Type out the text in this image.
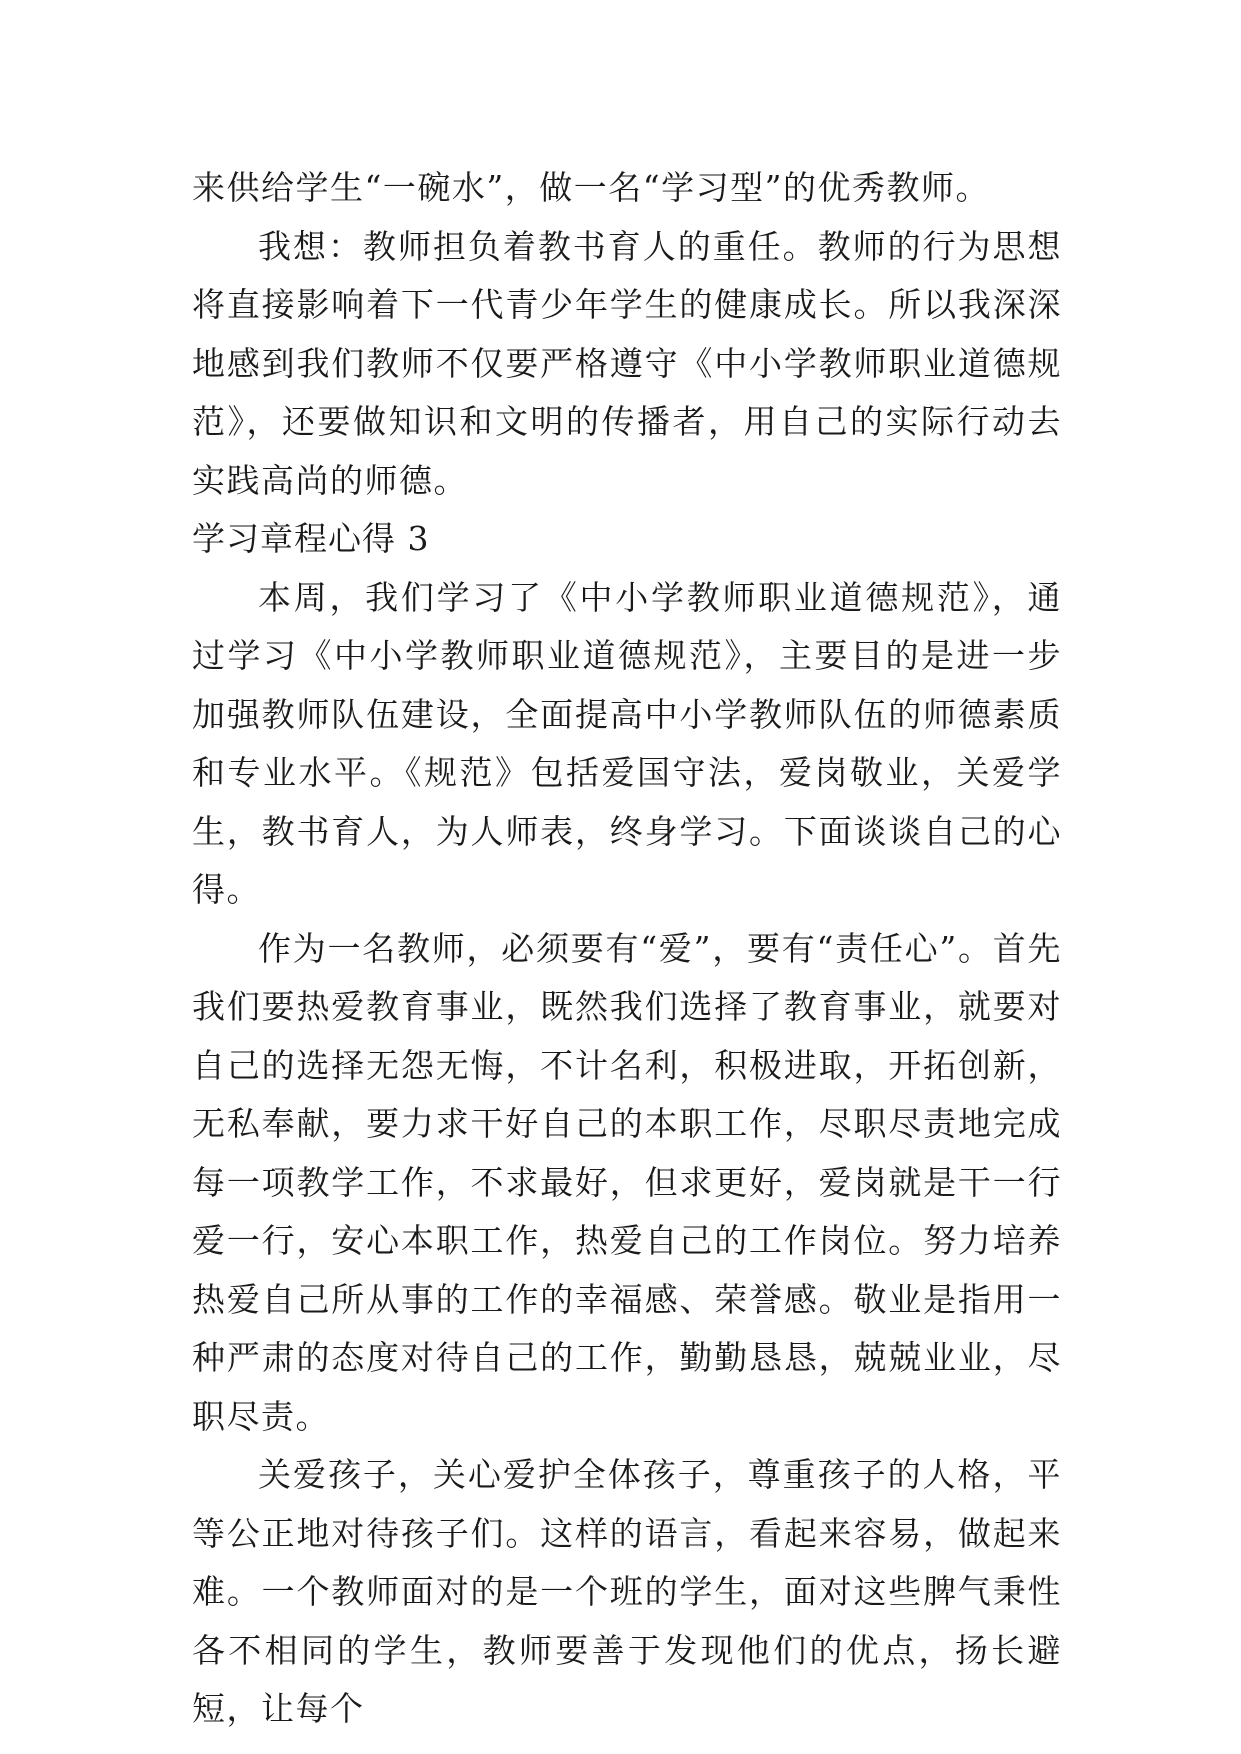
来供给学生“一碗水”，做一名“学习型”的优秀教师。

我想：教师担负着教书育人的重任。教师的行为思想将直接影响着下一代青少年学生的健康成长。所以我深深地感到我们教师不仅要严格遵守《中小学教师职业道德规范》，还要做知识和文明的传播者，用自己的实际行动去实践高尚的师德。

学习章程心得 3

本周，我们学习了《中小学教师职业道德规范》，通过学习《中小学教师职业道德规范》，主要目的是进一步加强教师队伍建设，全面提高中小学教师队伍的师德素质和专业水平。《规范》包括爱国守法，爱岗敬业，关爱学生，教书育人，为人师表，终身学习。下面谈谈自己的心得。

作为一名教师，必须要有“爱”，要有“责任心”。首先我们要热爱教育事业，既然我们选择了教育事业，就要对自己的选择无怨无悔，不计名利，积极进取，开拓创新，无私奉献，要力求干好自己的本职工作，尽职尽责地完成每一项教学工作，不求最好，但求更好，爱岗就是干一行爱一行，安心本职工作，热爱自己的工作岗位。努力培养热爱自己所从事的工作的幸福感、荣誉感。敬业是指用一种严肃的态度对待自己的工作，勤勤恳恳，兢兢业业，尽职尽责。

关爱孩子，关心爱护全体孩子，尊重孩子的人格，平等公正地对待孩子们。这样的语言，看起来容易，做起来难。一个教师面对的是一个班的学生，面对这些脾气秉性各不相同的学生，教师要善于发现他们的优点，扬长避短，让每个
